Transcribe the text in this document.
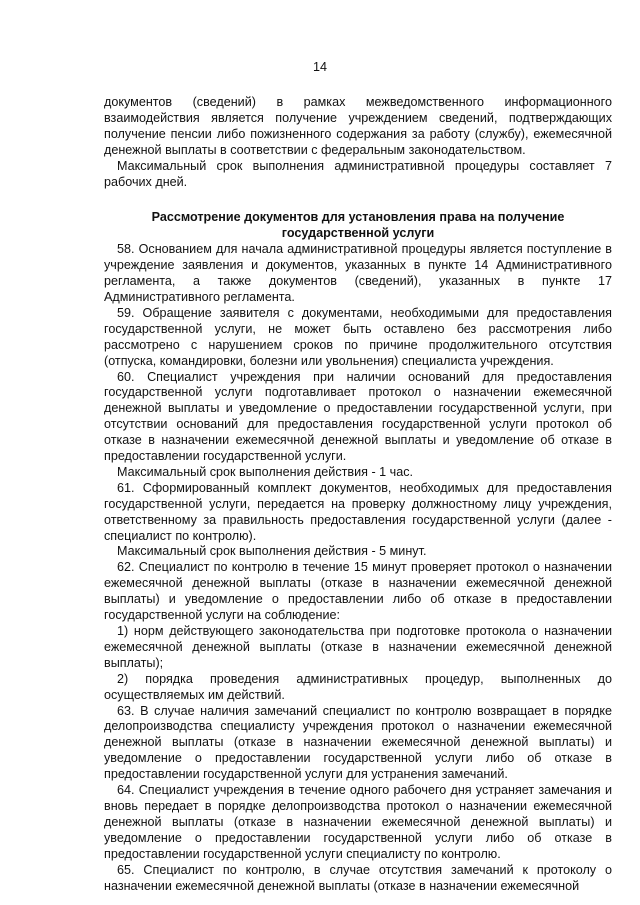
14

документов (сведений) в рамках межведомственного информационного взаимодействия является получение учреждением сведений, подтверждающих получение пенсии либо пожизненного содержания за работу (службу), ежемесячной денежной выплаты в соответствии с федеральным законодательством.

Максимальный срок выполнения административной процедуры составляет 7 рабочих дней.

Рассмотрение документов для установления права на получение государственной услуги

58. Основанием для начала административной процедуры является поступление в учреждение заявления и документов, указанных в пункте 14 Административного регламента, а также документов (сведений), указанных в пункте 17 Административного регламента.

59. Обращение заявителя с документами, необходимыми для предоставления государственной услуги, не может быть оставлено без рассмотрения либо рассмотрено с нарушением сроков по причине продолжительного отсутствия (отпуска, командировки, болезни или увольнения) специалиста учреждения.

60. Специалист учреждения при наличии оснований для предоставления государственной услуги подготавливает протокол о назначении ежемесячной денежной выплаты и уведомление о предоставлении государственной услуги, при отсутствии оснований для предоставления государственной услуги протокол об отказе в назначении ежемесячной денежной выплаты и уведомление об отказе в предоставлении государственной услуги.

Максимальный срок выполнения действия - 1 час.

61. Сформированный комплект документов, необходимых для предоставления государственной услуги, передается на проверку должностному лицу учреждения, ответственному за правильность предоставления государственной услуги (далее - специалист по контролю).

Максимальный срок выполнения действия - 5 минут.

62. Специалист по контролю в течение 15 минут проверяет протокол о назначении ежемесячной денежной выплаты (отказе в назначении ежемесячной денежной выплаты) и уведомление о предоставлении либо об отказе в предоставлении государственной услуги на соблюдение:

1) норм действующего законодательства при подготовке протокола о назначении ежемесячной денежной выплаты (отказе в назначении ежемесячной денежной выплаты);

2) порядка проведения административных процедур, выполненных до осуществляемых им действий.

63. В случае наличия замечаний специалист по контролю возвращает в порядке делопроизводства специалисту учреждения протокол о назначении ежемесячной денежной выплаты (отказе в назначении ежемесячной денежной выплаты) и уведомление о предоставлении государственной услуги либо об отказе в предоставлении государственной услуги для устранения замечаний.

64. Специалист учреждения в течение одного рабочего дня устраняет замечания и вновь передает в порядке делопроизводства протокол о назначении ежемесячной денежной выплаты (отказе в назначении ежемесячной денежной выплаты) и уведомление о предоставлении государственной услуги либо об отказе в предоставлении государственной услуги специалисту по контролю.

65. Специалист по контролю, в случае отсутствия замечаний к протоколу о назначении ежемесячной денежной выплаты (отказе в назначении ежемесячной
